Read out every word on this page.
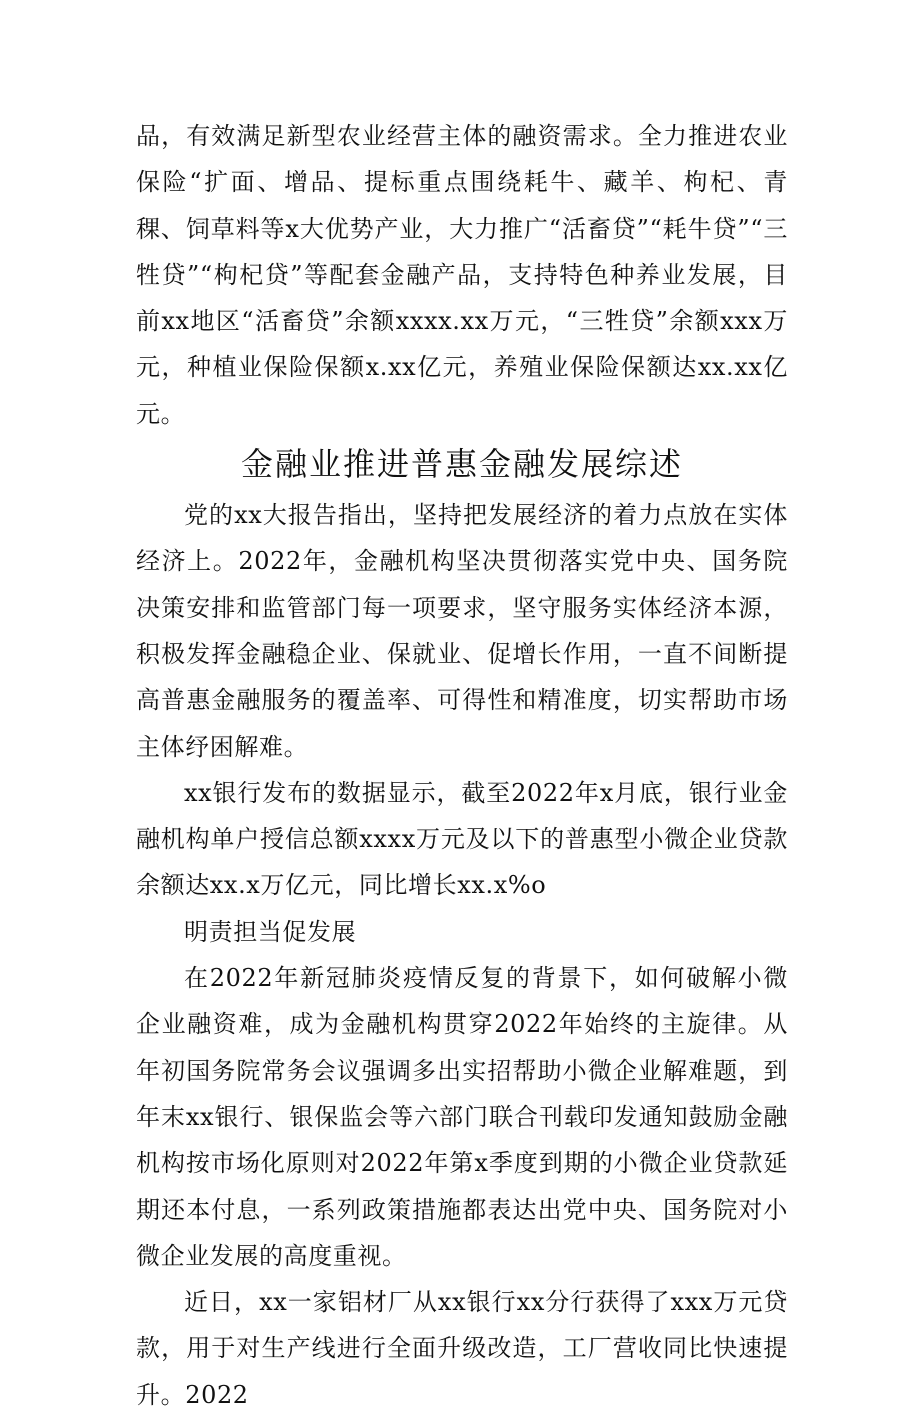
品，有效满足新型农业经营主体的融资需求。全力推进农业保险“扩面、增品、提标重点围绕耗牛、藏羊、枸杞、青稞、饲草料等x大优势产业，大力推广“活畜贷”“耗牛贷”“三牲贷”“枸杞贷”等配套金融产品，支持特色种养业发展，目前xx地区“活畜贷”余额xxxx.xx万元，“三牲贷”余额xxx万元，种植业保险保额x.xx亿元，养殖业保险保额达xx.xx亿元。

金融业推进普惠金融发展综述

党的xx大报告指出，坚持把发展经济的着力点放在实体经济上。2022年，金融机构坚决贯彻落实党中央、国务院决策安排和监管部门每一项要求，坚守服务实体经济本源，积极发挥金融稳企业、保就业、促增长作用，一直不间断提高普惠金融服务的覆盖率、可得性和精准度，切实帮助市场主体纾困解难。

xx银行发布的数据显示，截至2022年x月底，银行业金融机构单户授信总额xxxx万元及以下的普惠型小微企业贷款余额达xx.x万亿元，同比增长xx.x%o

明责担当促发展

在2022年新冠肺炎疫情反复的背景下，如何破解小微企业融资难，成为金融机构贯穿2022年始终的主旋律。从年初国务院常务会议强调多出实招帮助小微企业解难题，到年末xx银行、银保监会等六部门联合刊载印发通知鼓励金融机构按市场化原则对2022年第x季度到期的小微企业贷款延期还本付息，一系列政策措施都表达出党中央、国务院对小微企业发展的高度重视。

近日，xx一家铝材厂从xx银行xx分行获得了xxx万元贷款，用于对生产线进行全面升级改造，工厂营收同比快速提升。2022
